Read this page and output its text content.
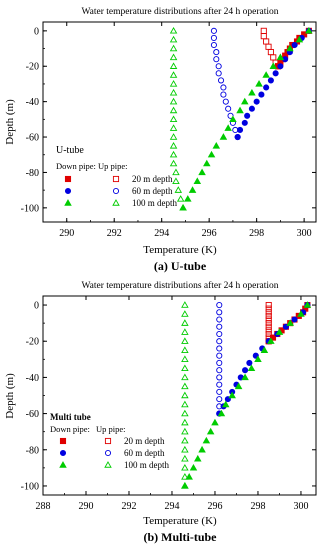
Water temperature distributions after 24 h operation
290	292	294	296	298	300
0
-20
-40
-60
-80
-100
Temperature (K)
Depth (m)
U-tube
Down pipe: Up pipe:
20 m depth
60 m depth
100 m depth
(a) U-tube
Water temperature distributions after 24 h operation
288	290	292	294	296	298	300
0
-20
-40
-60
-80
-100
Temperature (K)
Depth (m)	Multi tube
Down pipe: Up pipe:
20 m depth
60 m depth
100 m depth
(b) Multi-tube
